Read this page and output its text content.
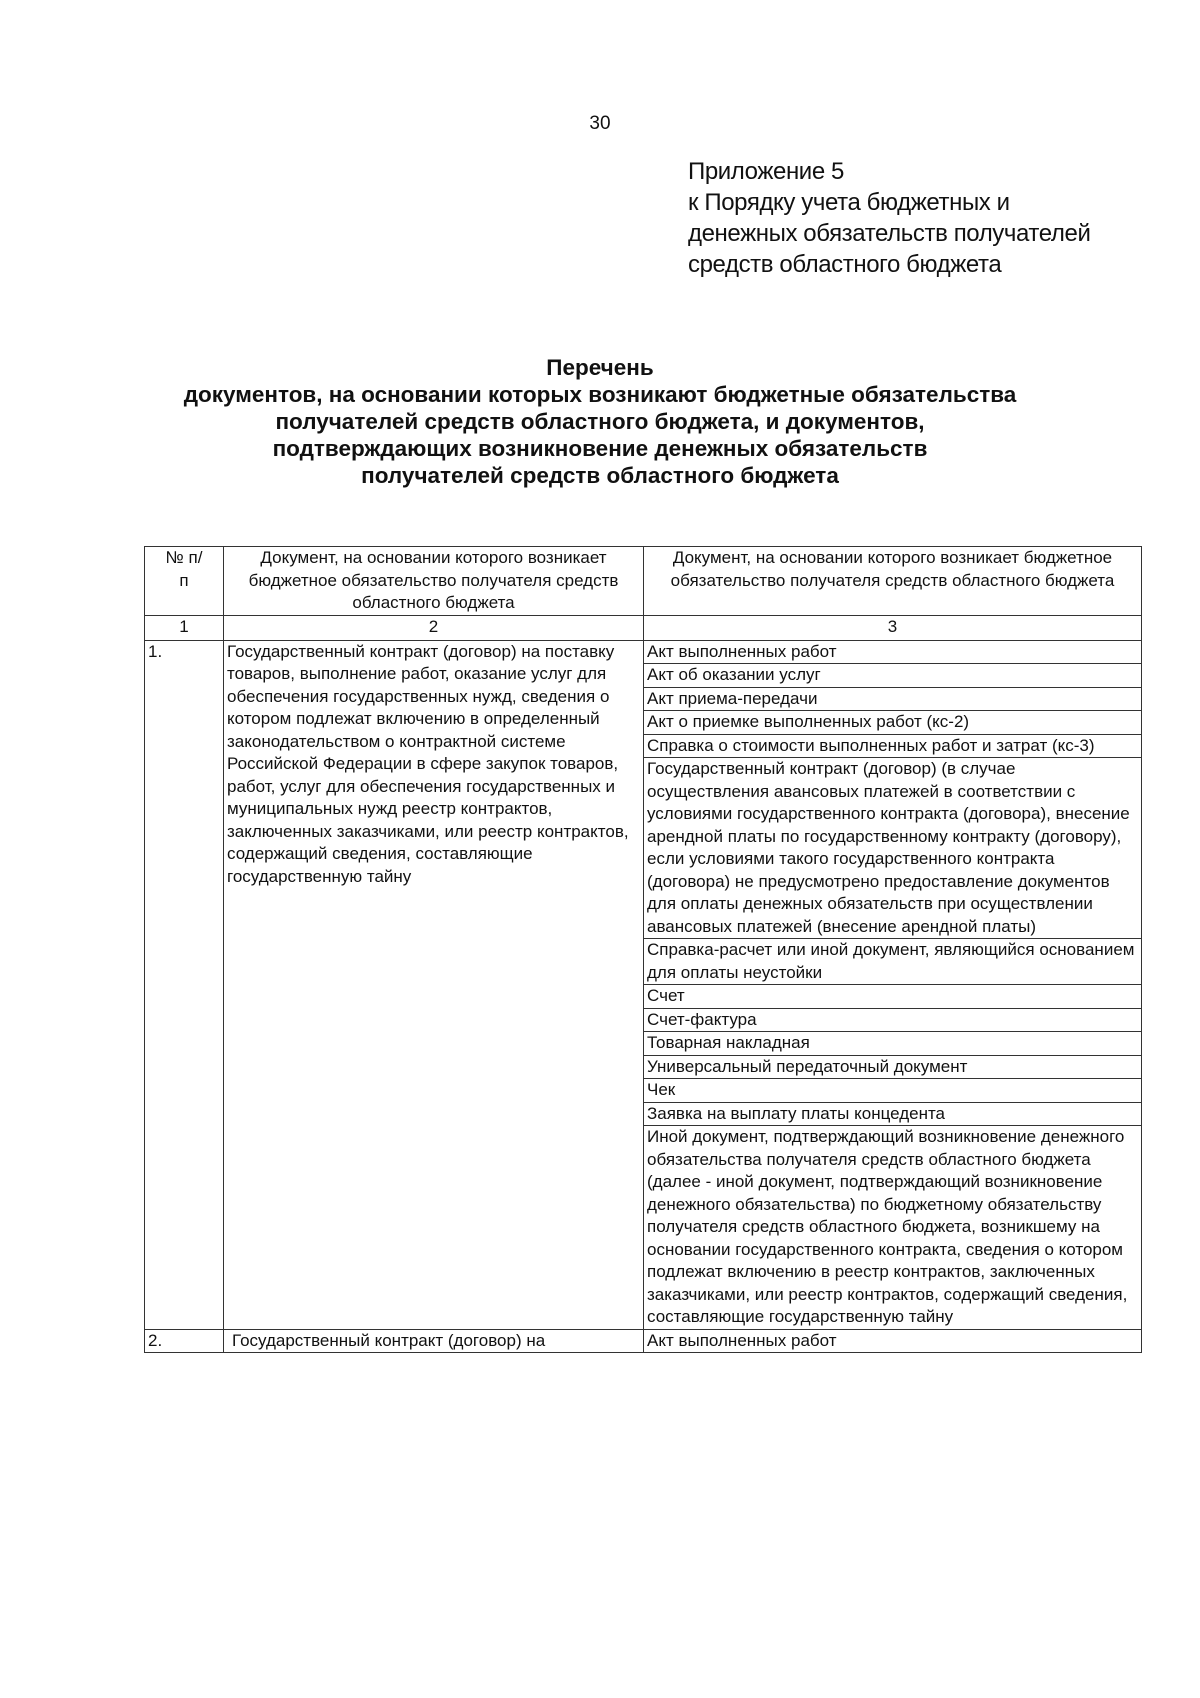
30
Приложение 5
к Порядку учета бюджетных и
денежных обязательств получателей
средств областного бюджета
Перечень
документов, на основании которых возникают бюджетные обязательства
получателей средств областного бюджета, и документов,
подтверждающих возникновение денежных обязательств
получателей средств областного бюджета
№ п/п	Документ, на основании которого возникает бюджетное обязательство получателя средств областного бюджета	Документ, на основании которого возникает бюджетное обязательство получателя средств областного бюджета
1	2	3
1.	Государственный контракт (договор) на поставку товаров, выполнение работ, оказание услуг для обеспечения государственных нужд, сведения о котором подлежат включению в определенный законодательством о контрактной системе Российской Федерации в сфере закупок товаров, работ, услуг для обеспечения государственных и муниципальных нужд реестр контрактов, заключенных заказчиками, или реестр контрактов, содержащий сведения, составляющие государственную тайну	Акт выполненных работ
		Акт об оказании услуг
		Акт приема-передачи
		Акт о приемке выполненных работ (кс-2)
		Справка о стоимости выполненных работ и затрат (кс-3)
		Государственный контракт (договор) (в случае осуществления авансовых платежей в соответствии с условиями государственного контракта (договора), внесение арендной платы по государственному контракту (договору), если условиями такого государственного контракта (договора) не предусмотрено предоставление документов для оплаты денежных обязательств при осуществлении авансовых платежей (внесение арендной платы)
		Справка-расчет или иной документ, являющийся основанием для оплаты неустойки
		Счет
		Счет-фактура
		Товарная накладная
		Универсальный передаточный документ
		Чек
		Заявка на выплату платы концедента
		Иной документ, подтверждающий возникновение денежного обязательства получателя средств областного бюджета (далее - иной документ, подтверждающий возникновение денежного обязательства) по бюджетному обязательству получателя средств областного бюджета, возникшему на основании государственного контракта, сведения о котором подлежат включению в реестр контрактов, заключенных заказчиками, или реестр контрактов, содержащий сведения, составляющие государственную тайну
2.	Государственный контракт (договор) на	Акт выполненных работ
